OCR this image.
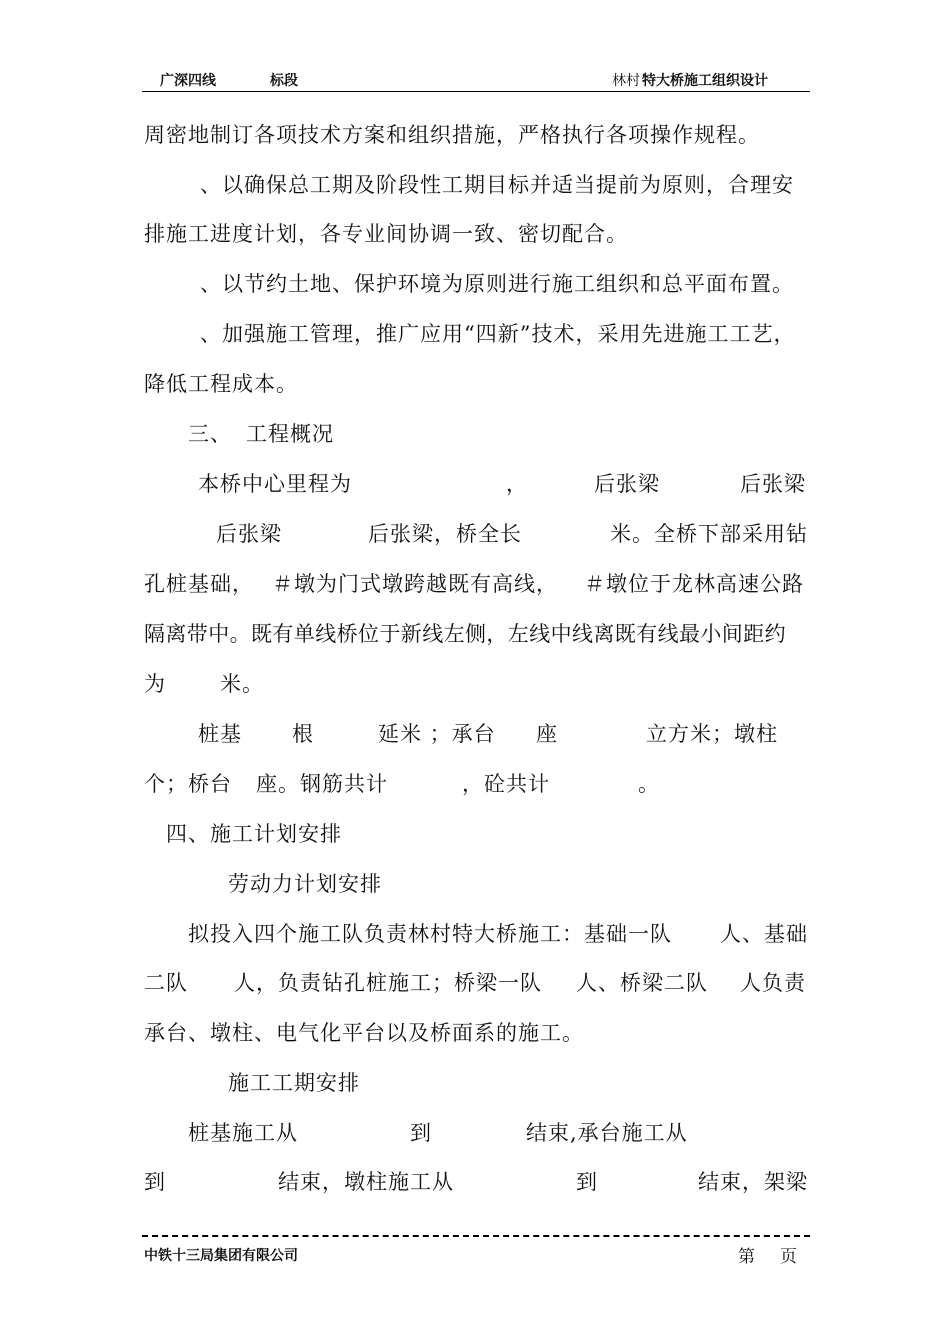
广深四线	标段	林村 特大桥施工组织设计
周密地制订各项技术方案和组织措施，严格执行各项操作规程。
、以确保总工期及阶段性工期目标并适当提前为原则，合理安
排施工进度计划，各专业间协调一致、密切配合。
、以节约土地、保护环境为原则进行施工组织和总平面布置。
、加强施工管理，推广应用“四新”技术，采用先进施工工艺，
降低工程成本。
三、 工程概况
本桥中心里程为	，	后张梁	后张梁
后张梁	后张梁，桥全长	米。全桥下部采用钻
孔桩基础， ＃墩为门式墩跨越既有高线， ＃墩位于龙林高速公路
隔离带中。既有单线桥位于新线左侧，左线中线离既有线最小间距约
为	米。
桩基 根	延米 ；承台 座	立方米；墩柱
个；桥台 座。钢筋共计	，砼共计	。
四、施工计划安排
劳动力计划安排
拟投入四个施工队负责林村特大桥施工：基础一队 人、基础
二队 人，负责钻孔桩施工；桥梁一队 人、桥梁二队 人负责
承台、墩柱、电气化平台以及桥面系的施工。
施工工期安排
桩基施工从	到	结束,承台施工从
到	结束，墩柱施工从	到	结束，架梁
中铁十三局集团有限公司	第 页
